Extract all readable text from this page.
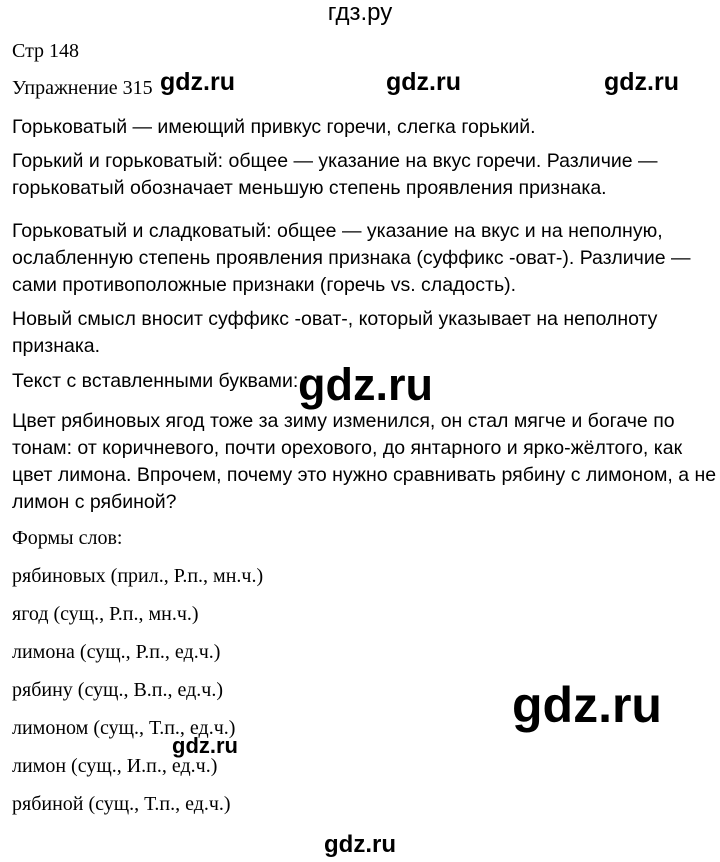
гдз.ру
Стр 148
Упражнение 315 gdz.ru	gdz.ru	gdz.ru
gdz.ru
gdz.ru
gdz.ru
gdz.ru
Горьковатый — имеющий привкус горечи, слегка горький.
Горький и горьковатый: общее — указание на вкус горечи. Различие —
горьковатый обозначает меньшую степень проявления признака.
Горьковатый и сладковатый: общее — указание на вкус и на неполную,
ослабленную степень проявления признака (суффикс -оват-). Различие —
сами противоположные признаки (горечь vs. сладость).
Новый смысл вносит суффикс -оват-, который указывает на неполноту
признака.
Текст с вставленными буквами:
Цвет рябиновых ягод тоже за зиму изменился, он стал мягче и богаче по
тонам: от коричневого, почти орехового, до янтарного и ярко-жёлтого, как
цвет лимона. Впрочем, почему это нужно сравнивать рябину с лимоном, а не
лимон с рябиной?
Формы слов:
рябиновых (прил., Р.п., мн.ч.)
ягод (сущ., Р.п., мн.ч.)
лимона (сущ., Р.п., ед.ч.)
рябину (сущ., В.п., ед.ч.)
лимоном (сущ., Т.п., ед.ч.)
лимон (сущ., И.п., ед.ч.)
рябиной (сущ., Т.п., ед.ч.)
